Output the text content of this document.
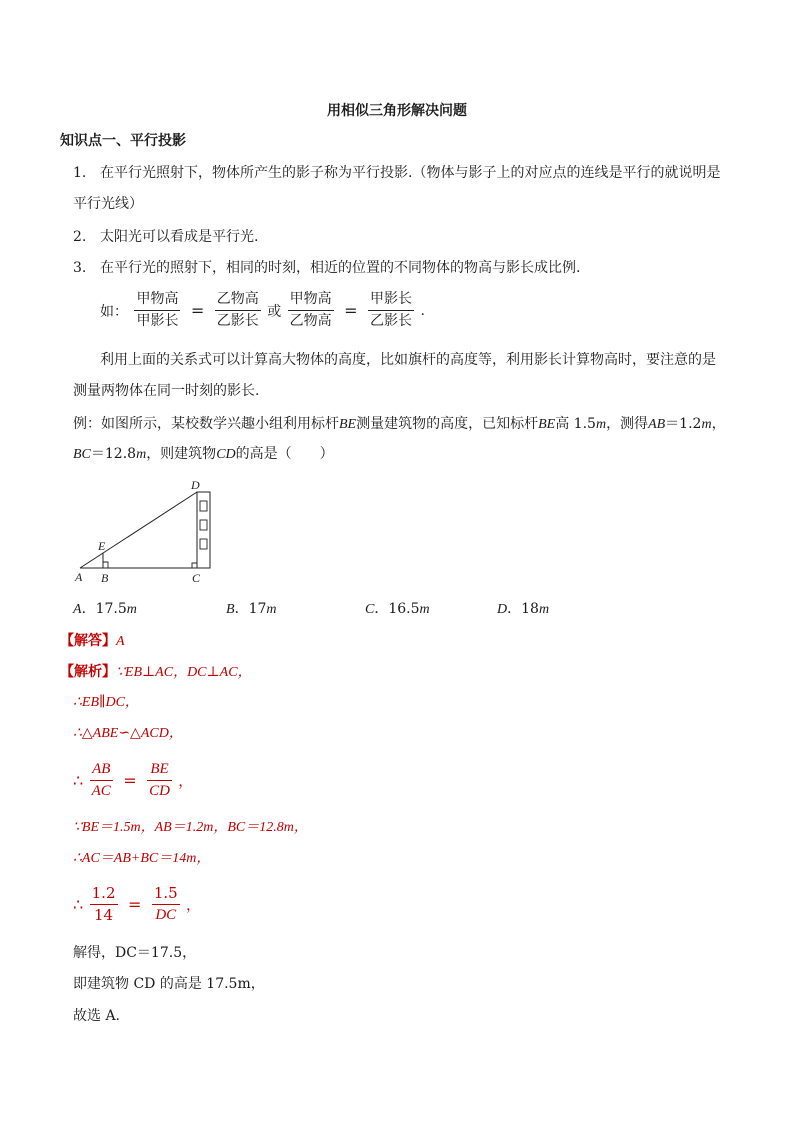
用相似三角形解决问题
知识点一、平行投影
1. 在平行光照射下，物体所产生的影子称为平行投影.（物体与影子上的对应点的连线是平行的就说明是
平行光线）
2. 太阳光可以看成是平行光.
3. 在平行光的照射下，相同的时刻，相近的位置的不同物体的物高与影长成比例.
如： $\frac{\text{甲物高}}{\text{甲影长}} = \frac{\text{乙物高}}{\text{乙影长}}$ 或 $\frac{\text{甲物高}}{\text{乙物高}} = \frac{\text{甲影长}}{\text{乙影长}}$ .
利用上面的关系式可以计算高大物体的高度，比如旗杆的高度等，利用影长计算物高时，要注意的是
测量两物体在同一时刻的影长.
例：如图所示，某校数学兴趣小组利用标杆BE测量建筑物的高度，已知标杆BE高 1.5m，测得AB＝1.2m，
BC＝12.8m，则建筑物CD的高是（　　）
A B	C
D
E
A．17.5m	B．17m	C．16.5m	D．18m
【解答】A
【解析】∵EB⊥AC，DC⊥AC，
∴EB∥DC，
∴△ABE∽△ACD，
∴ $\frac{AB}{AC} = \frac{BE}{CD}$ ，
∵BE＝1.5m，AB＝1.2m，BC＝12.8m，
∴AC＝AB+BC＝14m，
∴ $\frac{1.2}{14} = \frac{1.5}{DC}$ ，
解得，DC＝17.5，
即建筑物 CD 的高是 17.5m，
故选 A.
